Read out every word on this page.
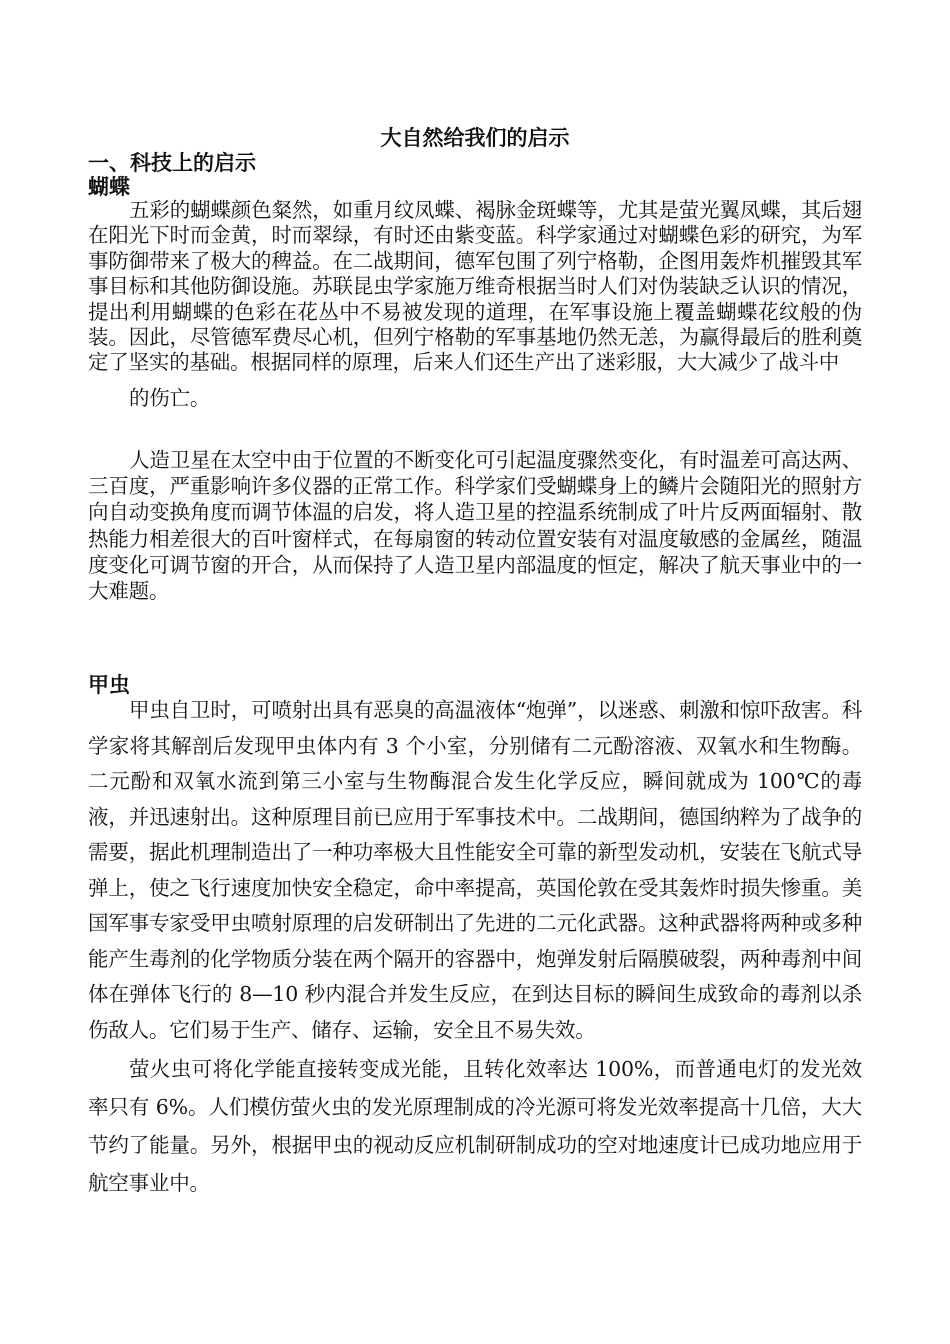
大自然给我们的启示
一、科技上的启示
蝴蝶

五彩的蝴蝶颜色粲然，如重月纹凤蝶、褐脉金斑蝶等，尤其是萤光翼凤蝶，其后翅在阳光下时而金黄，时而翠绿，有时还由紫变蓝。科学家通过对蝴蝶色彩的研究，为军事防御带来了极大的稗益。在二战期间，德军包围了列宁格勒，企图用轰炸机摧毁其军事目标和其他防御设施。苏联昆虫学家施万维奇根据当时人们对伪装缺乏认识的情况，提出利用蝴蝶的色彩在花丛中不易被发现的道理，在军事设施上覆盖蝴蝶花纹般的伪装。因此，尽管德军费尽心机，但列宁格勒的军事基地仍然无恙，为赢得最后的胜利奠定了坚实的基础。根据同样的原理，后来人们还生产出了迷彩服，大大减少了战斗中
的伤亡。

人造卫星在太空中由于位置的不断变化可引起温度骤然变化，有时温差可高达两、三百度，严重影响许多仪器的正常工作。科学家们受蝴蝶身上的鳞片会随阳光的照射方向自动变换角度而调节体温的启发，将人造卫星的控温系统制成了叶片反两面辐射、散热能力相差很大的百叶窗样式，在每扇窗的转动位置安装有对温度敏感的金属丝，随温度变化可调节窗的开合，从而保持了人造卫星内部温度的恒定，解决了航天事业中的一大难题。

甲虫

甲虫自卫时，可喷射出具有恶臭的高温液体“炮弹”，以迷惑、刺激和惊吓敌害。科学家将其解剖后发现甲虫体内有 3 个小室，分别储有二元酚溶液、双氧水和生物酶。二元酚和双氧水流到第三小室与生物酶混合发生化学反应，瞬间就成为 100℃的毒液，并迅速射出。这种原理目前已应用于军事技术中。二战期间，德国纳粹为了战争的需要，据此机理制造出了一种功率极大且性能安全可靠的新型发动机，安装在飞航式导弹上，使之飞行速度加快安全稳定，命中率提高，英国伦敦在受其轰炸时损失惨重。美国军事专家受甲虫喷射原理的启发研制出了先进的二元化武器。这种武器将两种或多种能产生毒剂的化学物质分装在两个隔开的容器中，炮弹发射后隔膜破裂，两种毒剂中间体在弹体飞行的 8—10 秒内混合并发生反应，在到达目标的瞬间生成致命的毒剂以杀伤敌人。它们易于生产、储存、运输，安全且不易失效。

萤火虫可将化学能直接转变成光能，且转化效率达 100%，而普通电灯的发光效率只有 6%。人们模仿萤火虫的发光原理制成的冷光源可将发光效率提高十几倍，大大节约了能量。另外，根据甲虫的视动反应机制研制成功的空对地速度计已成功地应用于航空事业中。
